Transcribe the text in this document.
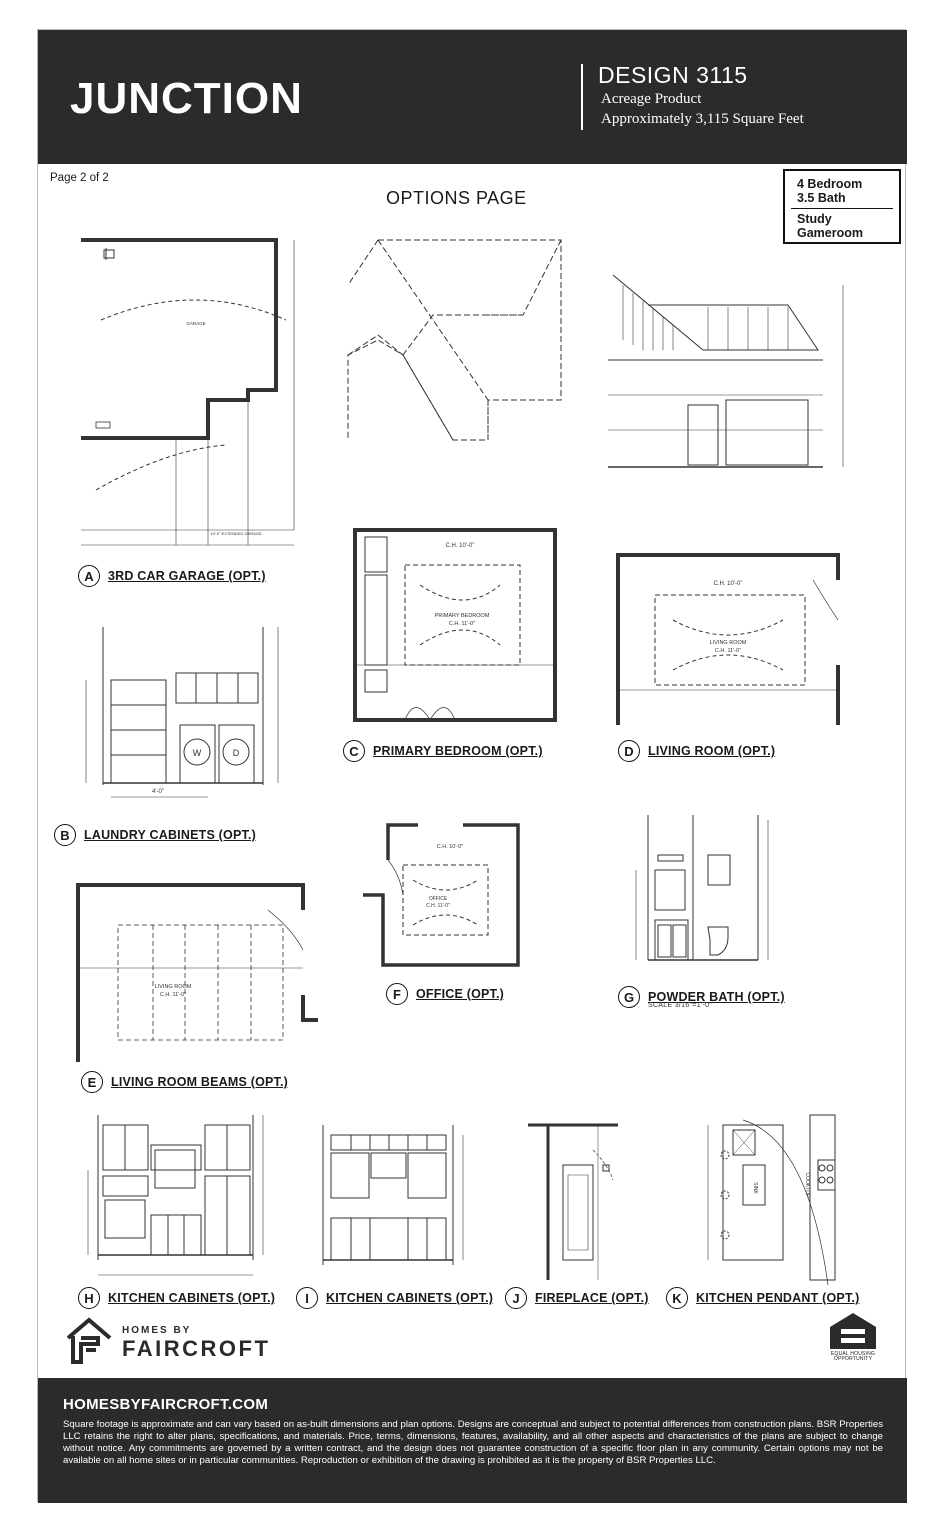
JUNCTION	DESIGN 3115
Acreage Product
Approximately 3,115 Square Feet
Page 2 of 2
OPTIONS PAGE
4 Bedroom
3.5 Bath
Study
Gameroom
GARAGE
19'-0" EXTENDED GARAGE
A	3RD CAR GARAGE (OPT.)
C.H. 10'-0"
PRIMARY BEDROOM
C.H. 11'-0"
C	PRIMARY BEDROOM (OPT.)
C.H. 10'-0"
LIVING ROOM
C.H. 11'-0"
D	LIVING ROOM (OPT.)
W	D
4'-0"
B	LAUNDRY CABINETS (OPT.)
C.H. 10'-0"
OFFICE
C.H. 11'-0"
F	OFFICE (OPT.)	G	POWDER BATH (OPT.)
SCALE 3/16"=1'-0"
LIVING ROOM
C.H. 11'-0"
E	LIVING ROOM BEAMS (OPT.)
H	KITCHEN CABINETS (OPT.)	I	KITCHEN CABINETS (OPT.)	J	FIREPLACE (OPT.)
SINK	COOKTOP
K	KITCHEN PENDANT (OPT.)
HOMES BY
FAIRCROFT	EQUAL HOUSING
OPPORTUNITY
HOMESBYFAIRCROFT.COM
Square footage is approximate and can vary based on as-built dimensions and plan options. Designs are conceptual and subject to potential differences from construction plans. BSR Properties LLC retains the right to alter plans, specifications, and materials. Price, terms, dimensions, features, availability, and all other aspects and characteristics of the plans are subject to change without notice. Any commitments are governed by a written contract, and the design does not guarantee construction of a specific floor plan in any community. Certain options may not be available on all home sites or in particular communities. Reproduction or exhibition of the drawing is prohibited as it is the property of BSR Properties LLC.
